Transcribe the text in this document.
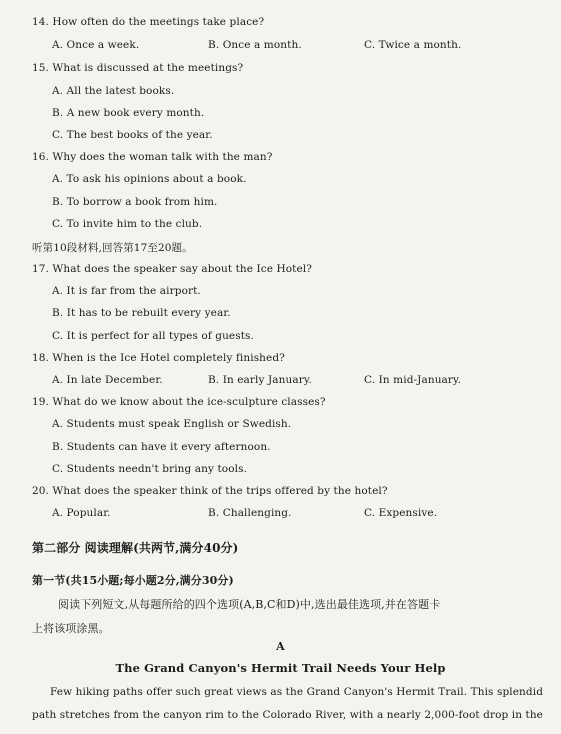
14. How often do the meetings take place?
A. Once a week.	B. Once a month.	C. Twice a month.
15. What is discussed at the meetings?
A. All the latest books.
B. A new book every month.
C. The best books of the year.
16. Why does the woman talk with the man?
A. To ask his opinions about a book.
B. To borrow a book from him.
C. To invite him to the club.
听第10段材料,回答第17至20题。
17. What does the speaker say about the Ice Hotel?
A. It is far from the airport.
B. It has to be rebuilt every year.
C. It is perfect for all types of guests.
18. When is the Ice Hotel completely finished?
A. In late December.	B. In early January.	C. In mid-January.
19. What do we know about the ice-sculpture classes?
A. Students must speak English or Swedish.
B. Students can have it every afternoon.
C. Students needn't bring any tools.
20. What does the speaker think of the trips offered by the hotel?
A. Popular.	B. Challenging.	C. Expensive.
第二部分 阅读理解(共两节,满分40分)
第一节(共15小题;每小题2分,满分30分)
阅读下列短文,从每题所给的四个选项(A,B,C和D)中,选出最佳选项,并在答题卡
上将该项涂黑。
A
The Grand Canyon's Hermit Trail Needs Your Help
Few hiking paths offer such great views as the Grand Canyon's Hermit Trail. This splendid
path stretches from the canyon rim to the Colorado River, with a nearly 2,000-foot drop in the
